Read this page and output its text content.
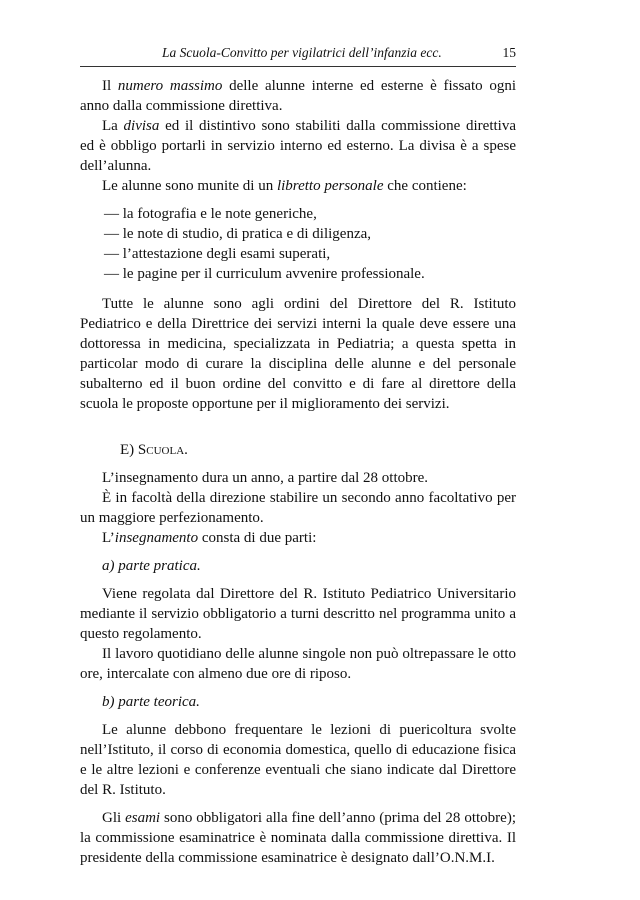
La Scuola-Convitto per vigilatrici dell’infanzia ecc.	15

Il numero massimo delle alunne interne ed esterne è fissato ogni anno dalla commissione direttiva.

La divisa ed il distintivo sono stabiliti dalla commissione direttiva ed è obbligo portarli in servizio interno ed esterno. La divisa è a spese dell’alunna.

Le alunne sono munite di un libretto personale che contiene:

— la fotografia e le note generiche,

— le note di studio, di pratica e di diligenza,

— l’attestazione degli esami superati,

— le pagine per il curriculum avvenire professionale.

Tutte le alunne sono agli ordini del Direttore del R. Istituto Pediatrico e della Direttrice dei servizi interni la quale deve essere una dottoressa in medicina, specializzata in Pediatria; a questa spetta in particolar modo di curare la disciplina delle alunne e del personale subalterno ed il buon ordine del convitto e di fare al direttore della scuola le proposte opportune per il miglioramento dei servizi.

E) Scuola.

L’insegnamento dura un anno, a partire dal 28 ottobre.

È in facoltà della direzione stabilire un secondo anno facoltativo per un maggiore perfezionamento.

L’insegnamento consta di due parti:

a) parte pratica.

Viene regolata dal Direttore del R. Istituto Pediatrico Universitario mediante il servizio obbligatorio a turni descritto nel programma unito a questo regolamento.

Il lavoro quotidiano delle alunne singole non può oltrepassare le otto ore, intercalate con almeno due ore di riposo.

b) parte teorica.

Le alunne debbono frequentare le lezioni di puericoltura svolte nell’Istituto, il corso di economia domestica, quello di educazione fisica e le altre lezioni e conferenze eventuali che siano indicate dal Direttore del R. Istituto.

Gli esami sono obbligatori alla fine dell’anno (prima del 28 ottobre); la commissione esaminatrice è nominata dalla commissione direttiva. Il presidente della commissione esaminatrice è designato dall’O.N.M.I.
